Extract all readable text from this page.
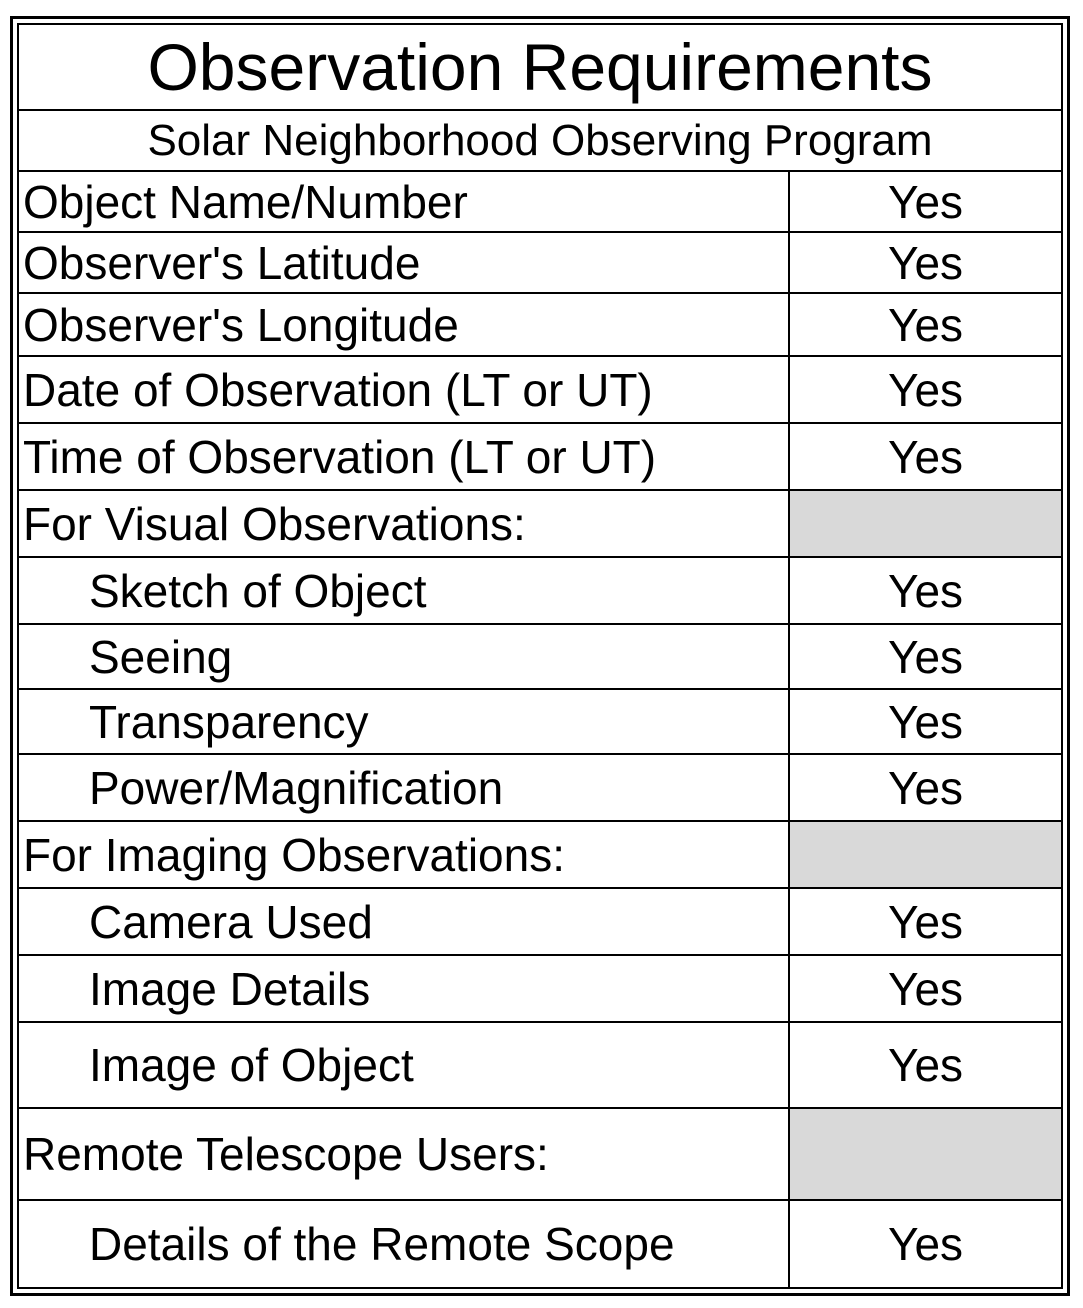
Observation Requirements	
Solar Neighborhood Observing Program	
Object Name/Number	Yes
Observer's Latitude	Yes
Observer's Longitude	Yes
Date of Observation (LT or UT)	Yes
Time of Observation (LT or UT)	Yes
For Visual Observations:	
Sketch of Object	Yes
Seeing	Yes
Transparency	Yes
Power/Magnification	Yes
For Imaging Observations:	
Camera Used	Yes
Image Details	Yes
Image of Object	Yes
Remote Telescope Users:	
Details of the Remote Scope	Yes
